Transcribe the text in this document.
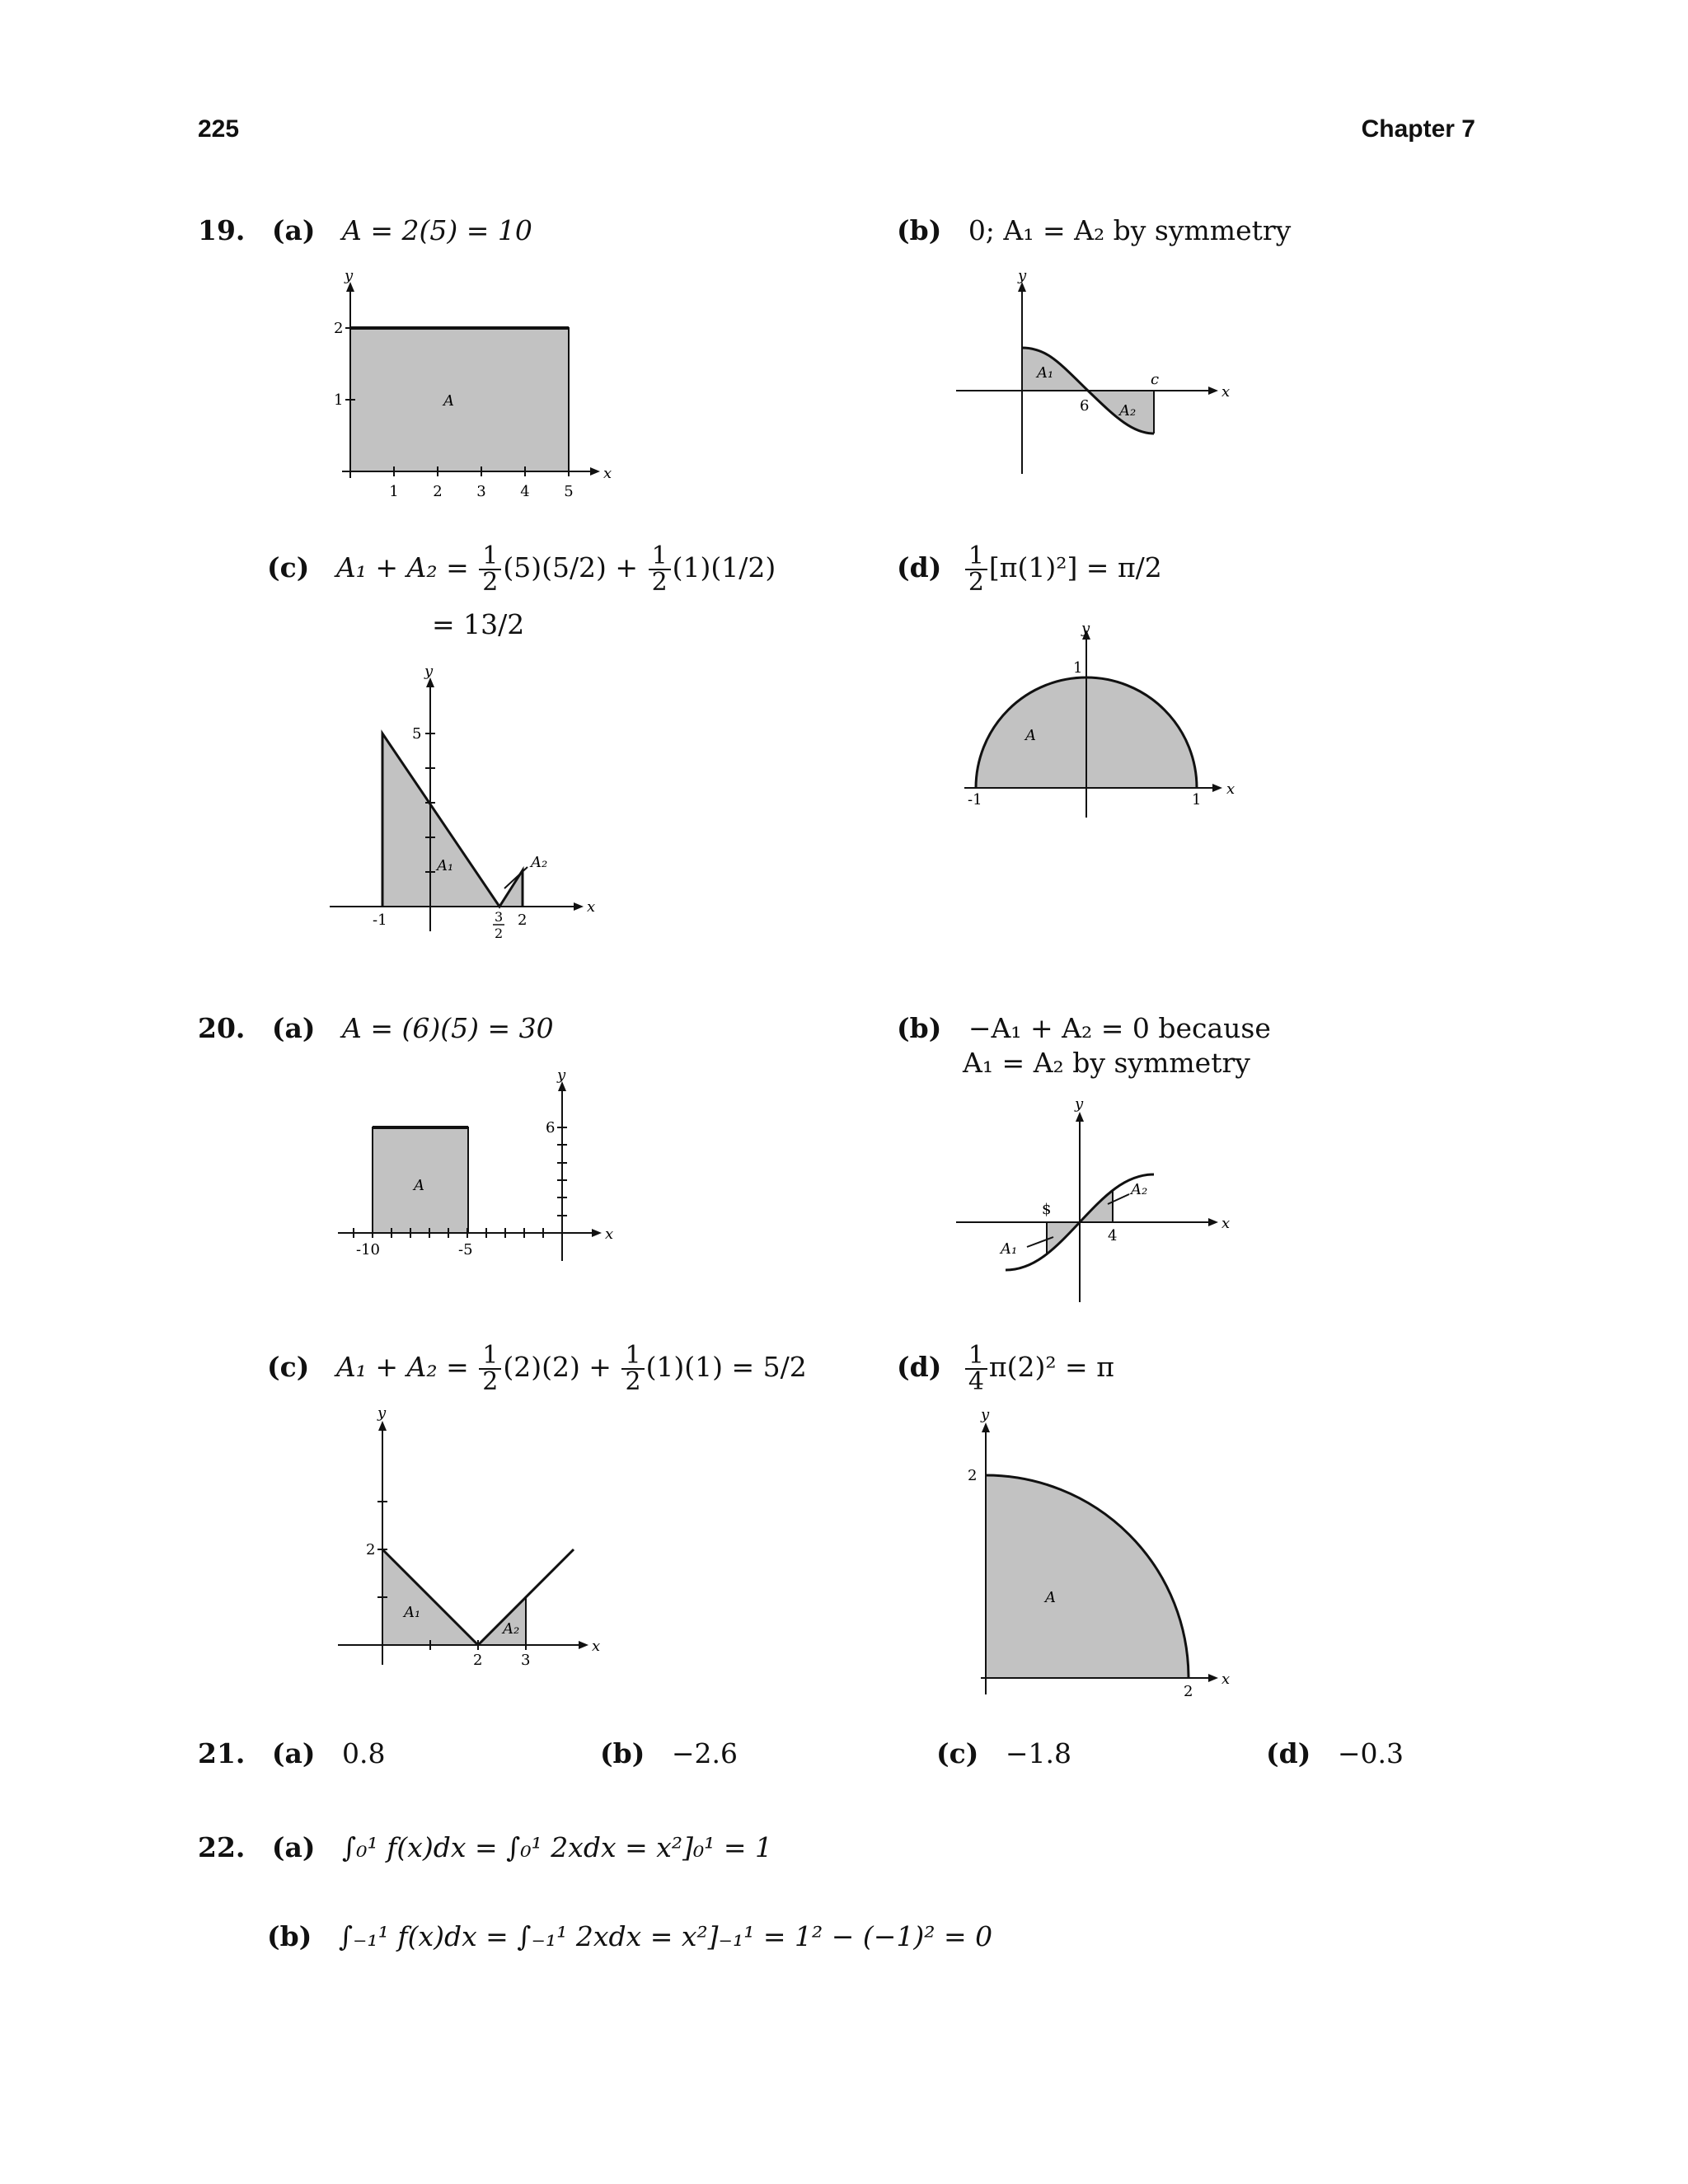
225	Chapter 7
19. (a) A = 2(5) = 10	(b) 0; A₁ = A₂ by symmetry
1 2 3 4 5
1
2
A
x
y
A₁
A₂
6
c
x
y
(c) $A_1 + A_2 = \frac{1}{2} (5)(5/2) + \frac{1}{2} (1)(1/2)$
= 13/2
$(d) \frac{1}{2} [\pi(1)^2] = \pi/2$
5
-1	2
3
2
A₁	A₂
x
y
-1	1
1
A
x
y
20. (a) A = (6)(5) = 30	(b) −A₁ + A₂ = 0 because
A₁ = A₂ by symmetry
-10	-5
6
A
x
y
$
4
A₁
A₂
x
y
(c) $A_1 + A_2 = \frac{1}{2} (2)(2) + \frac{1}{2} (1)(1) = 5/2$	$(d) \frac{1}{4} \pi(2)^2 = \pi$
2
2	3
A₁
A₂
x
y
2
2
A
x
y
21. (a) 0.8	(b) −2.6	(c) −1.8	(d) −0.3
22. (a) ∫₀¹ f(x)dx = ∫₀¹ 2xdx = x²]₀¹ = 1
(b) ∫₋₁¹ f(x)dx = ∫₋₁¹ 2xdx = x²]₋₁¹ = 1² − (−1)² = 0
